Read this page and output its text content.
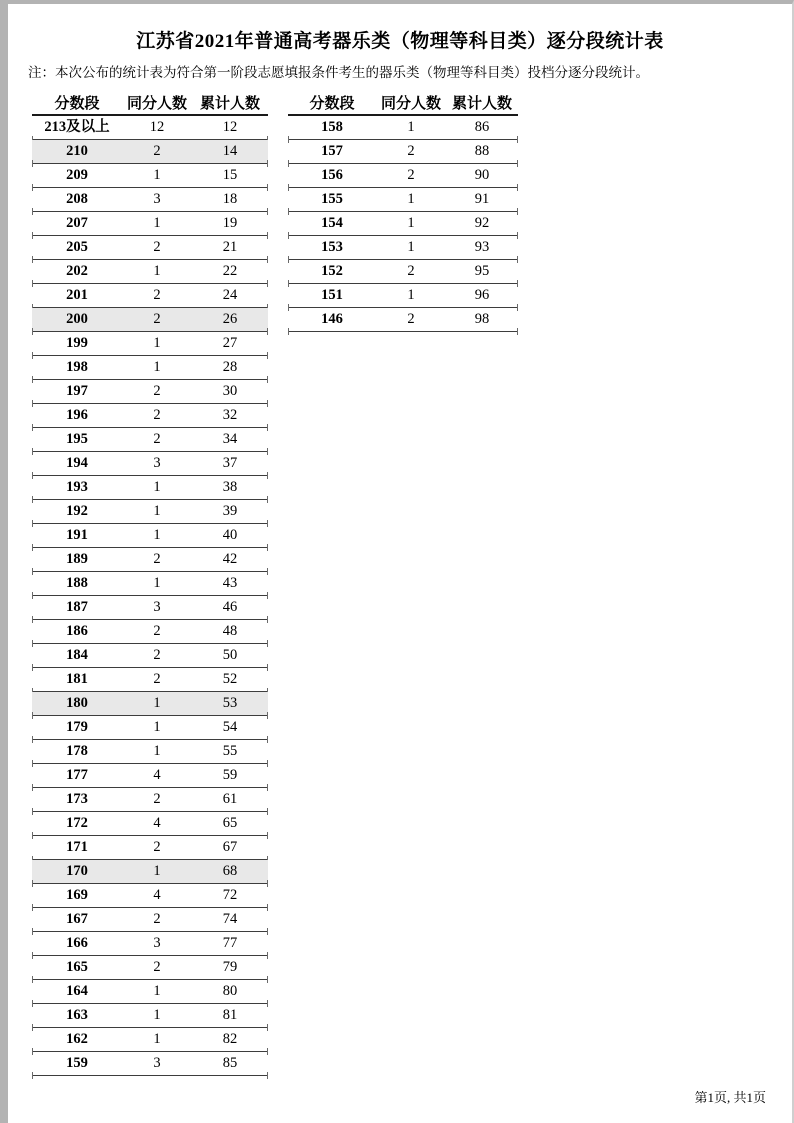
江苏省2021年普通高考器乐类（物理等科目类）逐分段统计表
注：本次公布的统计表为符合第一阶段志愿填报条件考生的器乐类（物理等科目类）投档分逐分段统计。
分数段	同分人数 累计人数
213及以上	12	12
210	2	14
209	1	15
208	3	18
207	1	19
205	2	21
202	1	22
201	2	24
200	2	26
199	1	27
198	1	28
197	2	30
196	2	32
195	2	34
194	3	37
193	1	38
192	1	39
191	1	40
189	2	42
188	1	43
187	3	46
186	2	48
184	2	50
181	2	52
180	1	53
179	1	54
178	1	55
177	4	59
173	2	61
172	4	65
171	2	67
170	1	68
169	4	72
167	2	74
166	3	77
165	2	79
164	1	80
163	1	81
162	1	82
159	3	85
分数段	同分人数 累计人数
158	1	86
157	2	88
156	2	90
155	1	91
154	1	92
153	1	93
152	2	95
151	1	96
146	2	98
第1页, 共1页
